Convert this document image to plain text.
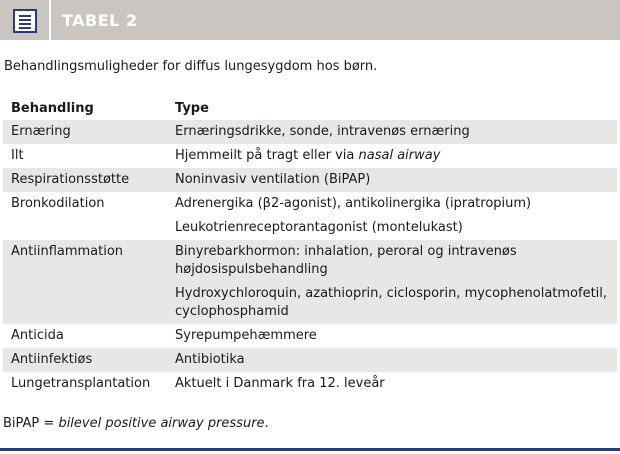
TABEL 2
Behandlingsmuligheder for diffus lungesygdom hos børn.
Behandling	Type
Ernæring	Ernæringsdrikke, sonde, intravenøs ernæring

Ilt	Hjemmeilt på tragt eller via nasal airway

Respirationsstøtte	Noninvasiv ventilation (BiPAP)

Bronkodilation	Adrenergika (β2-agonist), antikolinergika (ipratropium)
Leukotrienreceptorantagonist (montelukast)

Antiinflammation	Binyrebarkhormon: inhalation, peroral og intravenøs højdosispulsbehandling
Hydroxychloroquin, azathioprin, ciclosporin, mycophenolatmofetil, cyclophosphamid

Anticida	Syrepumpehæmmere

Antiinfektiøs	Antibiotika

Lungetransplantation	Aktuelt i Danmark fra 12. leveår
BiPAP = bilevel positive airway pressure.
